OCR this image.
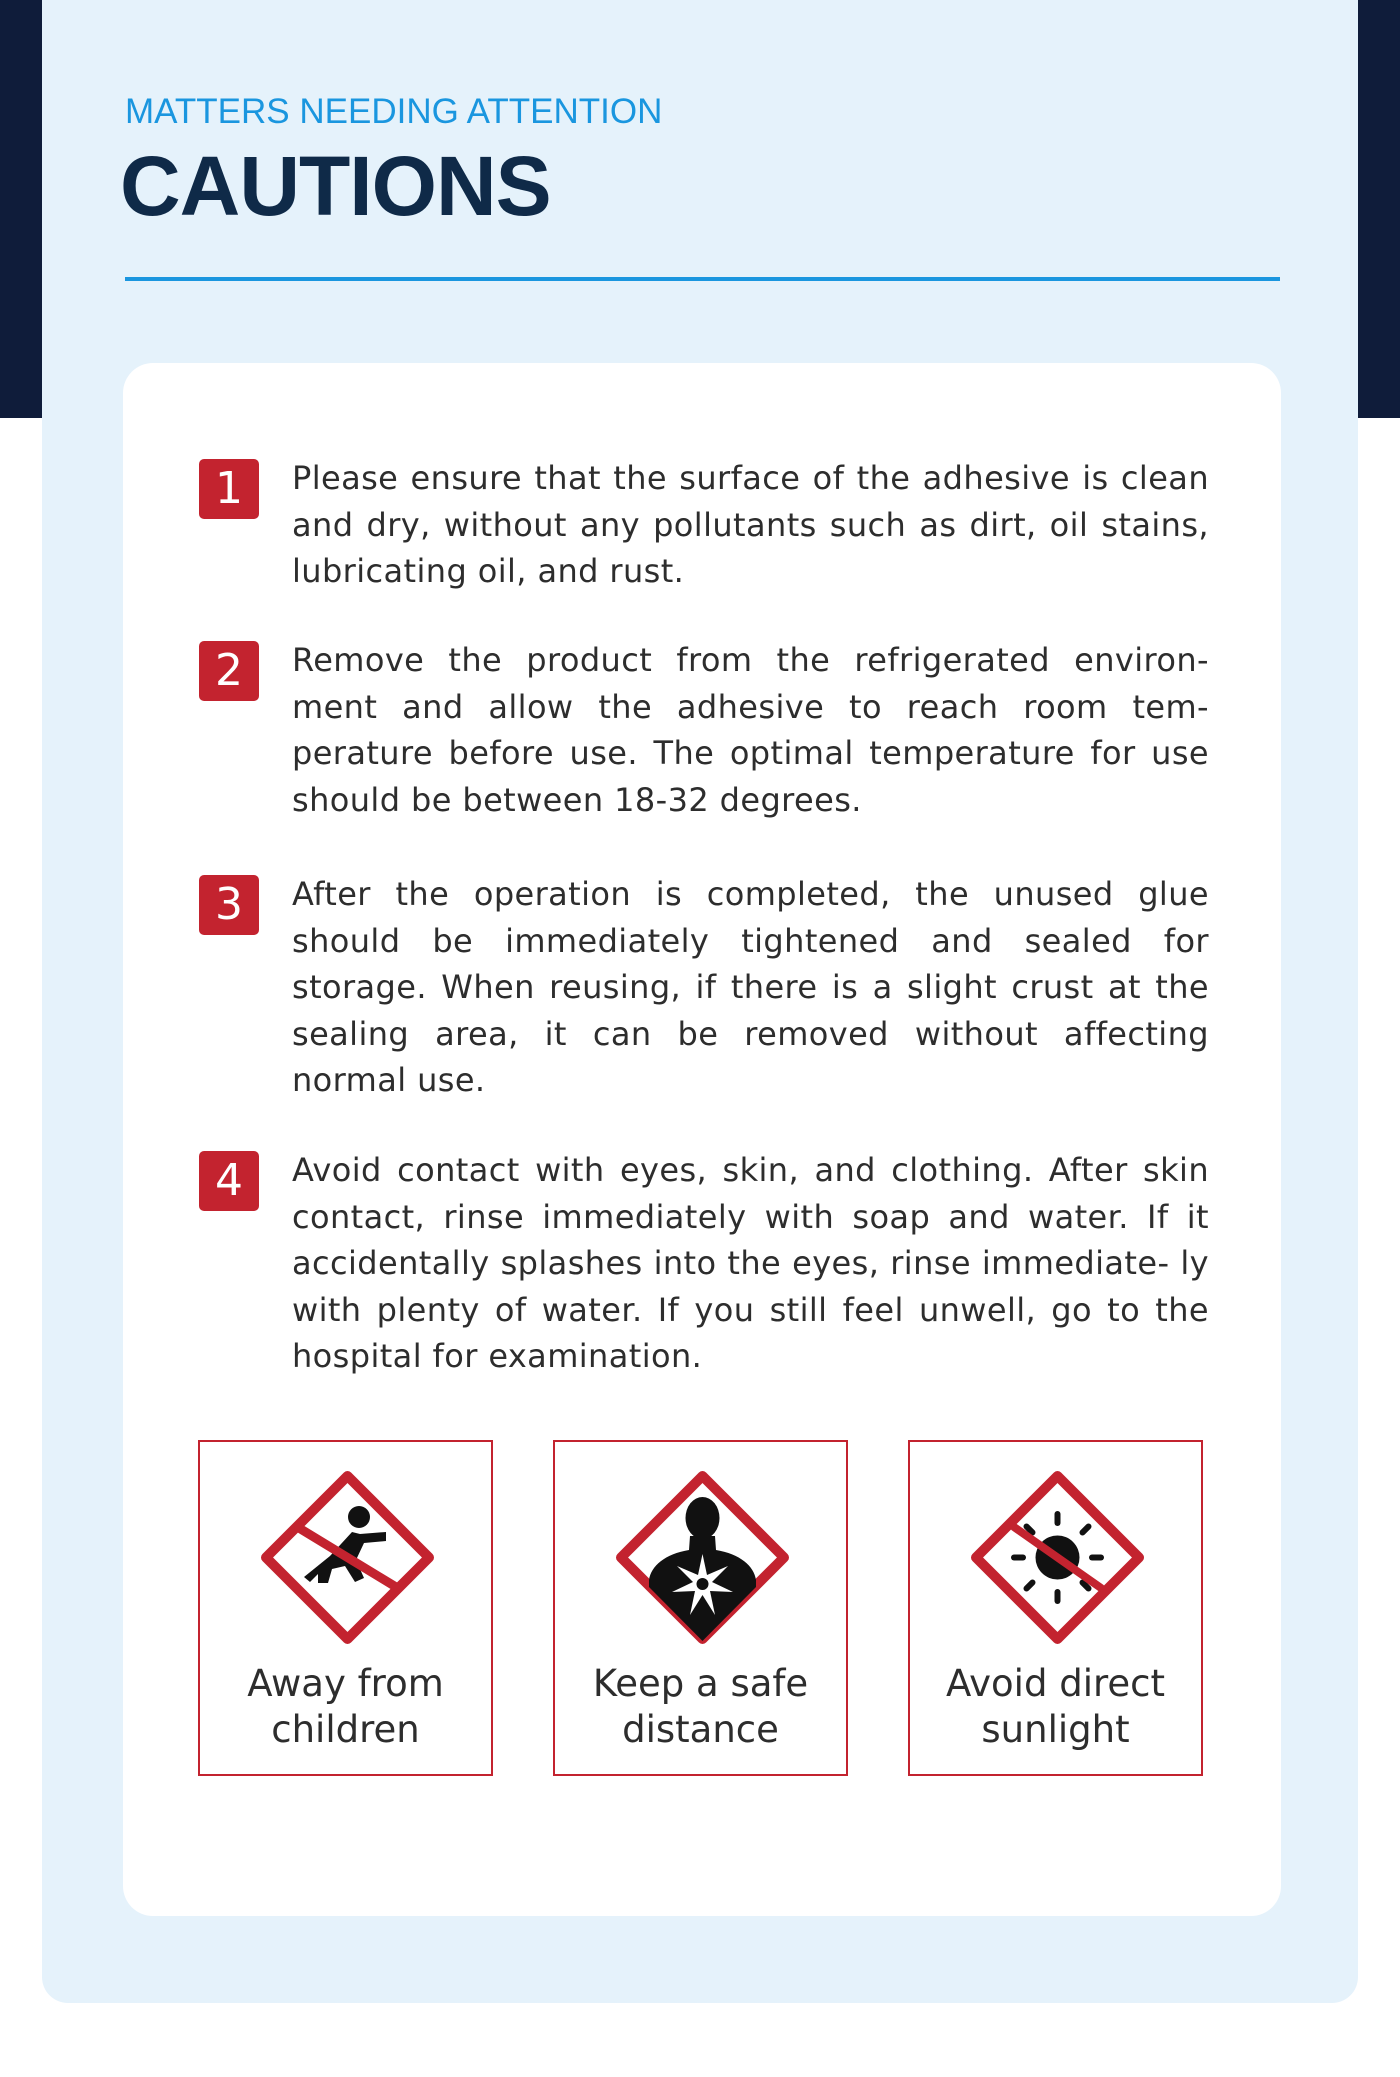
MATTERS NEEDING ATTENTION
CAUTIONS
1	Please ensure that the surface of the adhesive is clean and dry, without any pollutants such as dirt, oil stains, lubricating oil, and rust.
2	Remove the product from the refrigerated environ- ment and allow the adhesive to reach room tem- perature before use. The optimal temperature for use should be between 18-32 degrees.
3	After the operation is completed, the unused glue should be immediately tightened and sealed for storage. When reusing, if there is a slight crust at the sealing area, it can be removed without affecting normal use.
4	Avoid contact with eyes, skin, and clothing. After skin contact, rinse immediately with soap and water. If it accidentally splashes into the eyes, rinse immediate- ly with plenty of water. If you still feel unwell, go to the hospital for examination.
Away from
children
Keep a safe
distance
Avoid direct
sunlight
